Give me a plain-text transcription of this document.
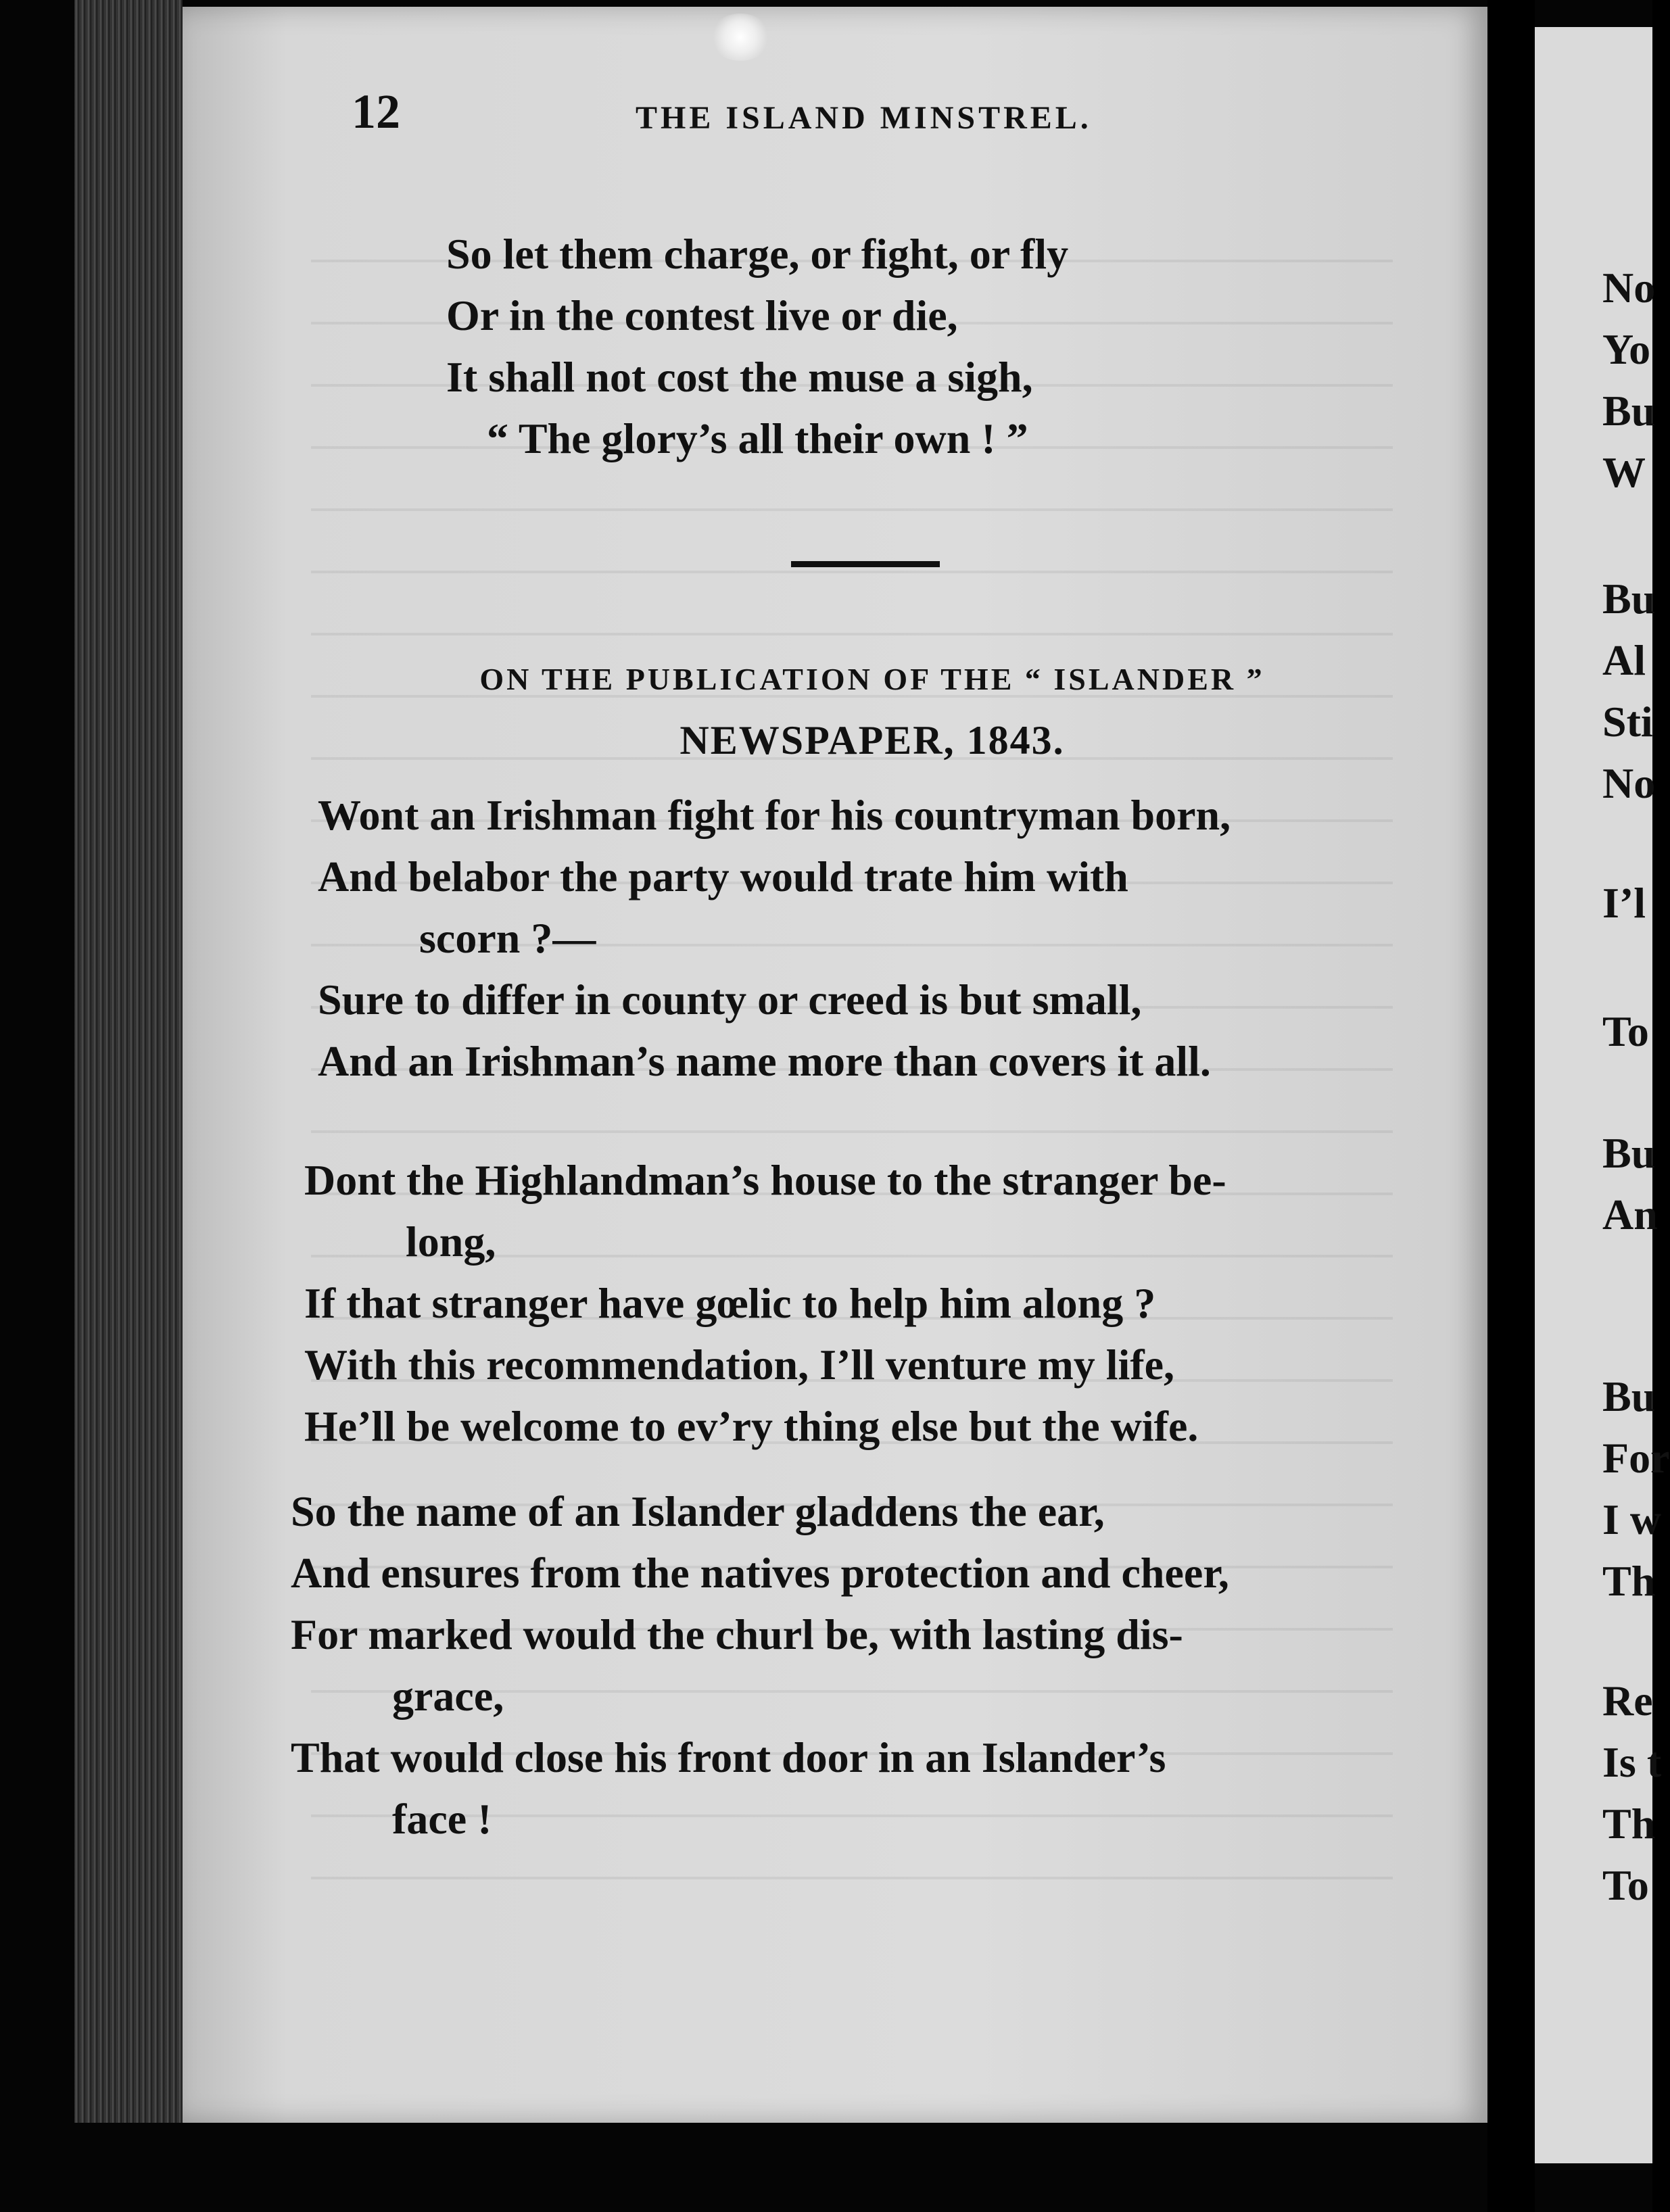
12	THE ISLAND MINSTREL.
So let them charge, or fight, or fly
Or in the contest live or die,
It shall not cost the muse a sigh,
“ The glory’s all their own ! ”
ON THE PUBLICATION OF THE “ ISLANDER ”
NEWSPAPER, 1843.
Wont an Irishman fight for his countryman born,
And belabor the party would trate him with
scorn ?—
Sure to differ in county or creed is but small,
And an Irishman’s name more than covers it all.
Dont the Highlandman’s house to the stranger be-
long,
If that stranger have gœlic to help him along ?
With this recommendation, I’ll venture my life,
He’ll be welcome to ev’ry thing else but the wife.
So the name of an Islander gladdens the ear,
And ensures from the natives protection and cheer,
For marked would the churl be, with lasting dis-
grace,
That would close his front door in an Islander’s
face !
No
Yo
Bu
W
Bu
Al
Sti
No
I’l
To
Bu
An
Bu
For
I w
Th
Re
Is t
Th
To
